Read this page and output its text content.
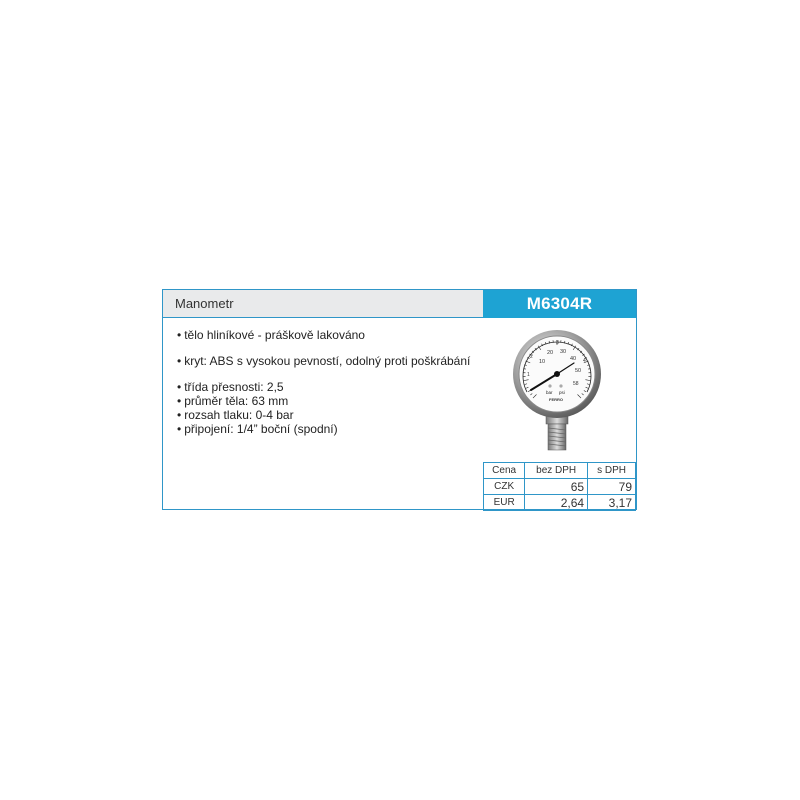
Manometr	M6304R
• tělo hliníkové - práškově lakováno
• kryt: ABS s vysokou pevností, odolný proti poškrábání
• třída přesnosti: 2,5
• průměr těla: 63 mm
• rozsah tlaku: 0-4 bar
• připojení: 1/4” boční (spodní)
10
20 30
40
50
58
1
2
3
4
bar psi
FERRO
Cena	bez DPH	s DPH
CZK	65	79
EUR	2,64	3,17
